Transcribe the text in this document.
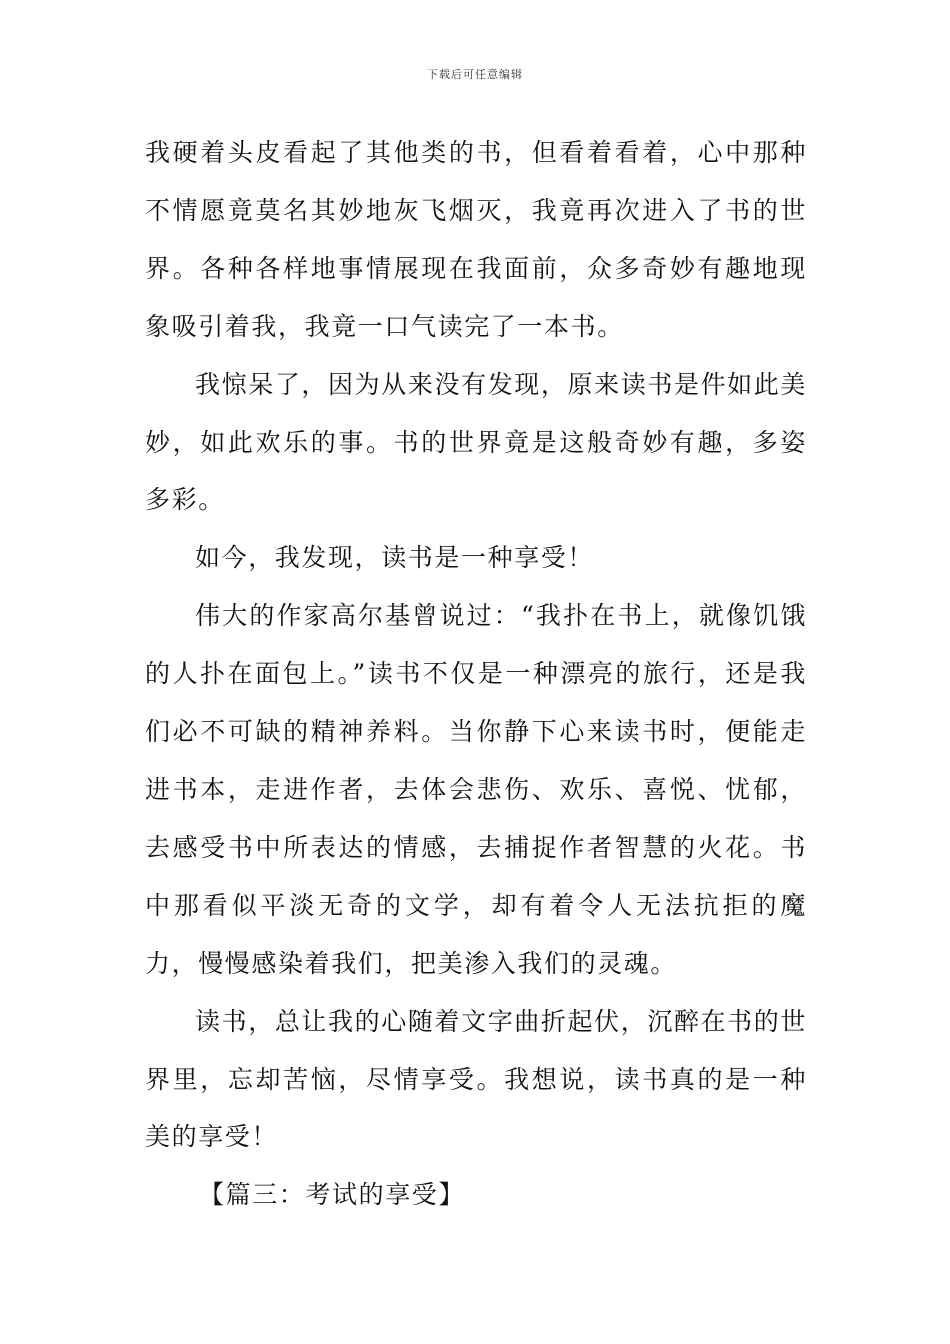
下载后可任意编辑

我硬着头皮看起了其他类的书，但看着看着，心中那种不情愿竟莫名其妙地灰飞烟灭，我竟再次进入了书的世界。各种各样地事情展现在我面前，众多奇妙有趣地现象吸引着我，我竟一口气读完了一本书。

我惊呆了，因为从来没有发现，原来读书是件如此美妙，如此欢乐的事。书的世界竟是这般奇妙有趣，多姿多彩。

如今，我发现，读书是一种享受！

伟大的作家高尔基曾说过：“我扑在书上，就像饥饿的人扑在面包上。”读书不仅是一种漂亮的旅行，还是我们必不可缺的精神养料。当你静下心来读书时，便能走进书本，走进作者，去体会悲伤、欢乐、喜悦、忧郁，去感受书中所表达的情感，去捕捉作者智慧的火花。书中那看似平淡无奇的文学，却有着令人无法抗拒的魔力，慢慢感染着我们，把美渗入我们的灵魂。

读书，总让我的心随着文字曲折起伏，沉醉在书的世界里，忘却苦恼，尽情享受。我想说，读书真的是一种美的享受！

【篇三：考试的享受】
